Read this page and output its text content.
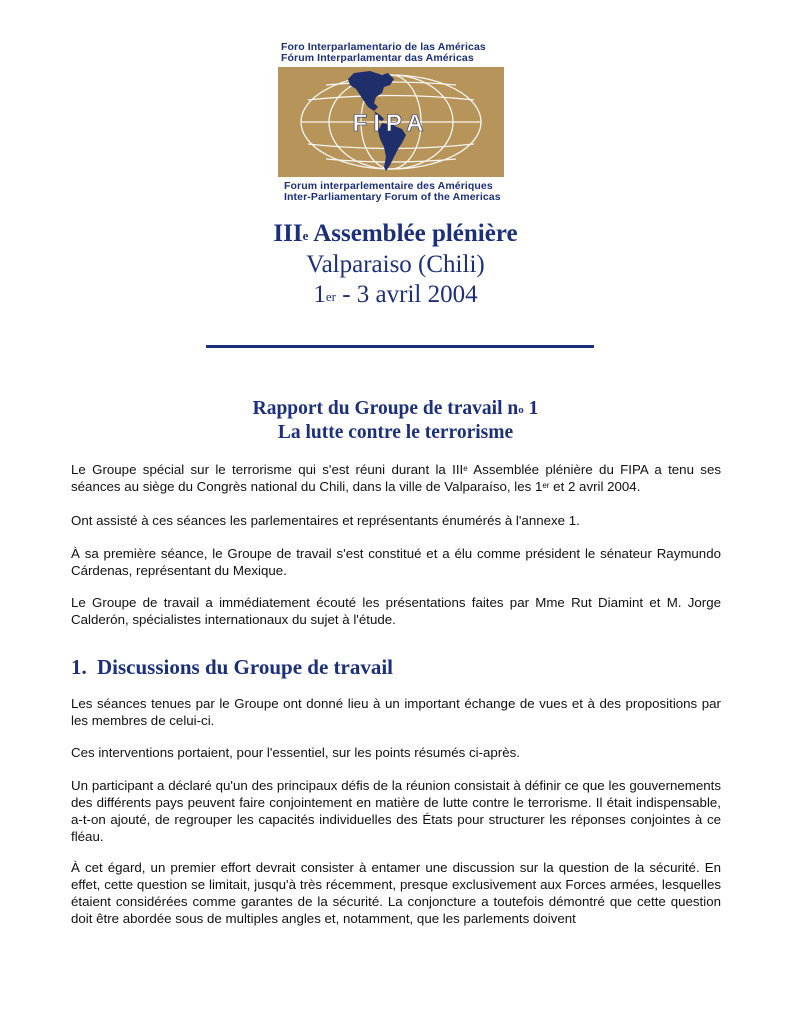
Foro Interparlamentario de las Américas
Fórum Interparlamentar das Américas
FIPA
Forum interparlementaire des Amériques
Inter-Parliamentary Forum of the Americas
IIIe Assemblée plénière
Valparaiso (Chili)
1er - 3 avril 2004
Rapport du Groupe de travail $n^o$ 1
La lutte contre le terrorisme
Le Groupe spécial sur le terrorisme qui s'est réuni durant la IIIe Assemblée plénière du FIPA a tenu ses séances au siège du Congrès national du Chili, dans la ville de Valparaíso, les 1er et 2 avril 2004.
Ont assisté à ces séances les parlementaires et représentants énumérés à l'annexe 1.
À sa première séance, le Groupe de travail s'est constitué et a élu comme président le sénateur Raymundo Cárdenas, représentant du Mexique.
Le Groupe de travail a immédiatement écouté les présentations faites par Mme Rut Diamint et M. Jorge Calderón, spécialistes internationaux du sujet à l'étude.
1. Discussions du Groupe de travail
Les séances tenues par le Groupe ont donné lieu à un important échange de vues et à des propositions par les membres de celui-ci.
Ces interventions portaient, pour l'essentiel, sur les points résumés ci-après.
Un participant a déclaré qu'un des principaux défis de la réunion consistait à définir ce que les gouvernements des différents pays peuvent faire conjointement en matière de lutte contre le terrorisme. Il était indispensable, a-t-on ajouté, de regrouper les capacités individuelles des États pour structurer les réponses conjointes à ce fléau.
À cet égard, un premier effort devrait consister à entamer une discussion sur la question de la sécurité. En effet, cette question se limitait, jusqu'à très récemment, presque exclusivement aux Forces armées, lesquelles étaient considérées comme garantes de la sécurité. La conjoncture a toutefois démontré que cette question doit être abordée sous de multiples angles et, notamment, que les parlements doivent
